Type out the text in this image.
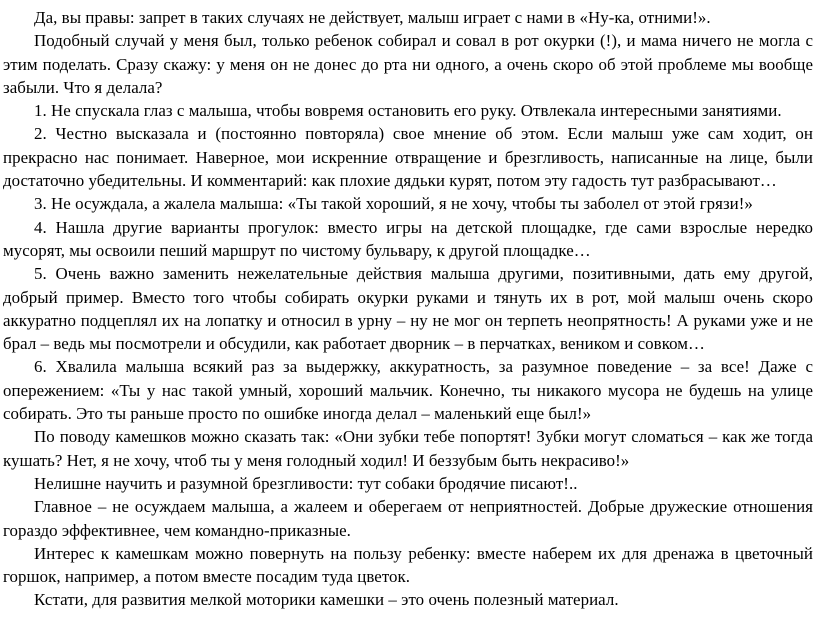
Да, вы правы: запрет в таких случаях не действует, малыш играет с нами в «Ну-ка, отними!».

Подобный случай у меня был, только ребенок собирал и совал в рот окурки (!), и мама ничего не могла с этим поделать. Сразу скажу: у меня он не донес до рта ни одного, а очень скоро об этой проблеме мы вообще забыли. Что я делала?

1. Не спускала глаз с малыша, чтобы вовремя остановить его руку. Отвлекала интересными занятиями.

2. Честно высказала и (постоянно повторяла) свое мнение об этом. Если малыш уже сам ходит, он прекрасно нас понимает. Наверное, мои искренние отвращение и брезгливость, написанные на лице, были достаточно убедительны. И комментарий: как плохие дядьки курят, потом эту гадость тут разбрасывают…

3. Не осуждала, а жалела малыша: «Ты такой хороший, я не хочу, чтобы ты заболел от этой грязи!»

4. Нашла другие варианты прогулок: вместо игры на детской площадке, где сами взрослые нередко мусорят, мы освоили пеший маршрут по чистому бульвару, к другой площадке…

5. Очень важно заменить нежелательные действия малыша другими, позитивными, дать ему другой, добрый пример. Вместо того чтобы собирать окурки руками и тянуть их в рот, мой малыш очень скоро аккуратно подцеплял их на лопатку и относил в урну – ну не мог он терпеть неопрятность! А руками уже и не брал – ведь мы посмотрели и обсудили, как работает дворник – в перчатках, веником и совком…

6. Хвалила малыша всякий раз за выдержку, аккуратность, за разумное поведение – за все! Даже с опережением: «Ты у нас такой умный, хороший мальчик. Конечно, ты никакого мусора не будешь на улице собирать. Это ты раньше просто по ошибке иногда делал – маленький еще был!»

По поводу камешков можно сказать так: «Они зубки тебе попортят! Зубки могут сломаться – как же тогда кушать? Нет, я не хочу, чтоб ты у меня голодный ходил! И беззубым быть некрасиво!»

Нелишне научить и разумной брезгливости: тут собаки бродячие писают!..

Главное – не осуждаем малыша, а жалеем и оберегаем от неприятностей. Добрые дружеские отношения гораздо эффективнее, чем командно-приказные.

Интерес к камешкам можно повернуть на пользу ребенку: вместе наберем их для дренажа в цветочный горшок, например, а потом вместе посадим туда цветок.

Кстати, для развития мелкой моторики камешки – это очень полезный материал.
